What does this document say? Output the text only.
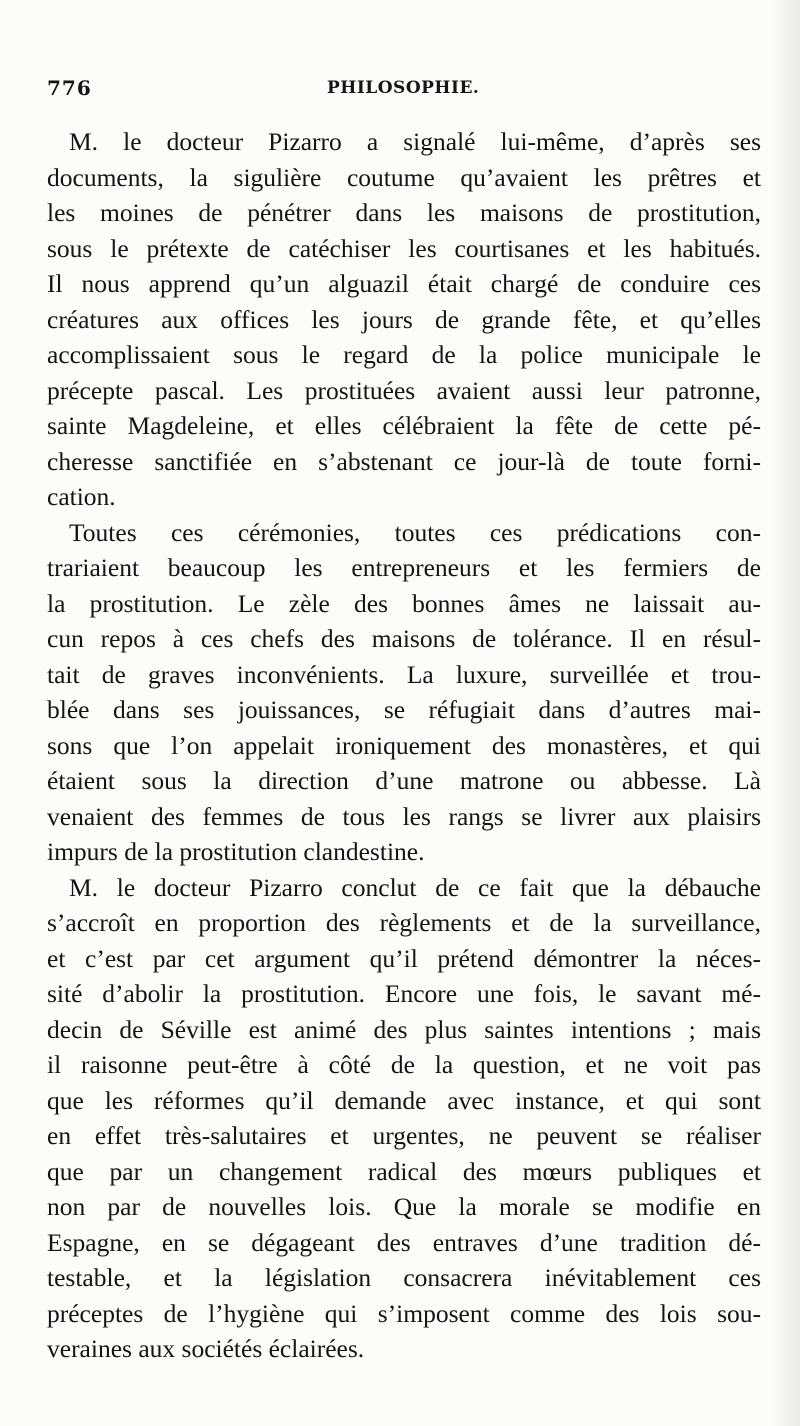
776	PHILOSOPHIE.
M. le docteur Pizarro a signalé lui-même, d’après ses
documents, la sigulière coutume qu’avaient les prêtres et
les moines de pénétrer dans les maisons de prostitution,
sous le prétexte de catéchiser les courtisanes et les habitués.
Il nous apprend qu’un alguazil était chargé de conduire ces
créatures aux offices les jours de grande fête, et qu’elles
accomplissaient sous le regard de la police municipale le
précepte pascal. Les prostituées avaient aussi leur patronne,
sainte Magdeleine, et elles célébraient la fête de cette pé-
cheresse sanctifiée en s’abstenant ce jour-là de toute forni-
cation.
Toutes ces cérémonies, toutes ces prédications con-
trariaient beaucoup les entrepreneurs et les fermiers de
la prostitution. Le zèle des bonnes âmes ne laissait au-
cun repos à ces chefs des maisons de tolérance. Il en résul-
tait de graves inconvénients. La luxure, surveillée et trou-
blée dans ses jouissances, se réfugiait dans d’autres mai-
sons que l’on appelait ironiquement des monastères, et qui
étaient sous la direction d’une matrone ou abbesse. Là
venaient des femmes de tous les rangs se livrer aux plaisirs
impurs de la prostitution clandestine.
M. le docteur Pizarro conclut de ce fait que la débauche
s’accroît en proportion des règlements et de la surveillance,
et c’est par cet argument qu’il prétend démontrer la néces-
sité d’abolir la prostitution. Encore une fois, le savant mé-
decin de Séville est animé des plus saintes intentions ; mais
il raisonne peut-être à côté de la question, et ne voit pas
que les réformes qu’il demande avec instance, et qui sont
en effet très-salutaires et urgentes, ne peuvent se réaliser
que par un changement radical des mœurs publiques et
non par de nouvelles lois. Que la morale se modifie en
Espagne, en se dégageant des entraves d’une tradition dé-
testable, et la législation consacrera inévitablement ces
préceptes de l’hygiène qui s’imposent comme des lois sou-
veraines aux sociétés éclairées.
